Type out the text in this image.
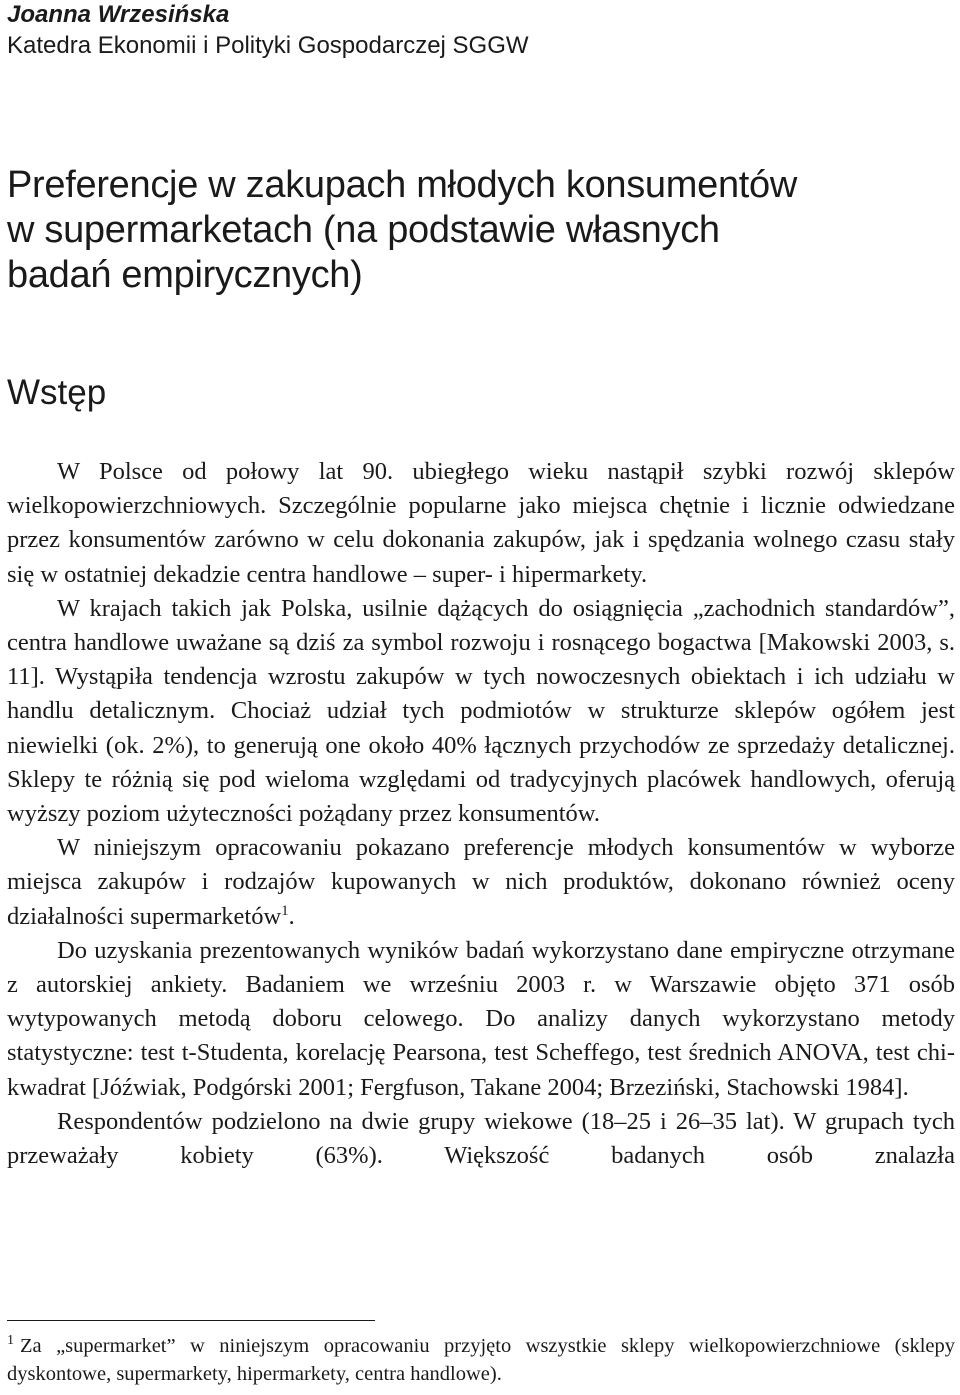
Joanna Wrzesińska
Katedra Ekonomii i Polityki Gospodarczej SGGW
Preferencje w zakupach młodych konsumentów
w supermarketach (na podstawie własnych
badań empirycznych)
Wstęp

W Polsce od połowy lat 90. ubiegłego wieku nastąpił szybki rozwój sklepów wielkopowierzchniowych. Szczególnie popularne jako miejsca chętnie i licznie odwiedzane przez konsumentów zarówno w celu dokonania zakupów, jak i spędzania wolnego czasu stały się w ostatniej dekadzie centra handlowe – super- i hipermarkety.

W krajach takich jak Polska, usilnie dążących do osiągnięcia „zachodnich standardów”, centra handlowe uważane są dziś za symbol rozwoju i rosnącego bogactwa [Makowski 2003, s. 11]. Wystąpiła tendencja wzrostu zakupów w tych nowoczesnych obiektach i ich udziału w handlu detalicznym. Chociaż udział tych podmiotów w strukturze sklepów ogółem jest niewielki (ok. 2%), to generują one około 40% łącznych przychodów ze sprzedaży detalicznej. Sklepy te różnią się pod wieloma względami od tradycyjnych placówek handlowych, oferują wyższy poziom użyteczności pożądany przez konsumentów.

W niniejszym opracowaniu pokazano preferencje młodych konsumentów w wyborze miejsca zakupów i rodzajów kupowanych w nich produktów, dokonano również oceny działalności supermarketów$^1$.

Do uzyskania prezentowanych wyników badań wykorzystano dane empiryczne otrzymane z autorskiej ankiety. Badaniem we wrześniu 2003 r. w Warszawie objęto 371 osób wytypowanych metodą doboru celowego. Do analizy danych wykorzystano metody statystyczne: test t-Studenta, korelację Pearsona, test Scheffego, test średnich ANOVA, test chi-kwadrat [Jóźwiak, Podgórski 2001; Fergfuson, Takane 2004; Brzeziński, Stachowski 1984].

Respondentów podzielono na dwie grupy wiekowe (18–25 i 26–35 lat). W grupach tych przeważały kobiety (63%). Większość badanych osób znalazła

$^1$ Za „supermarket” w niniejszym opracowaniu przyjęto wszystkie sklepy wielkopowierzchniowe (sklepy dyskontowe, supermarkety, hipermarkety, centra handlowe).
